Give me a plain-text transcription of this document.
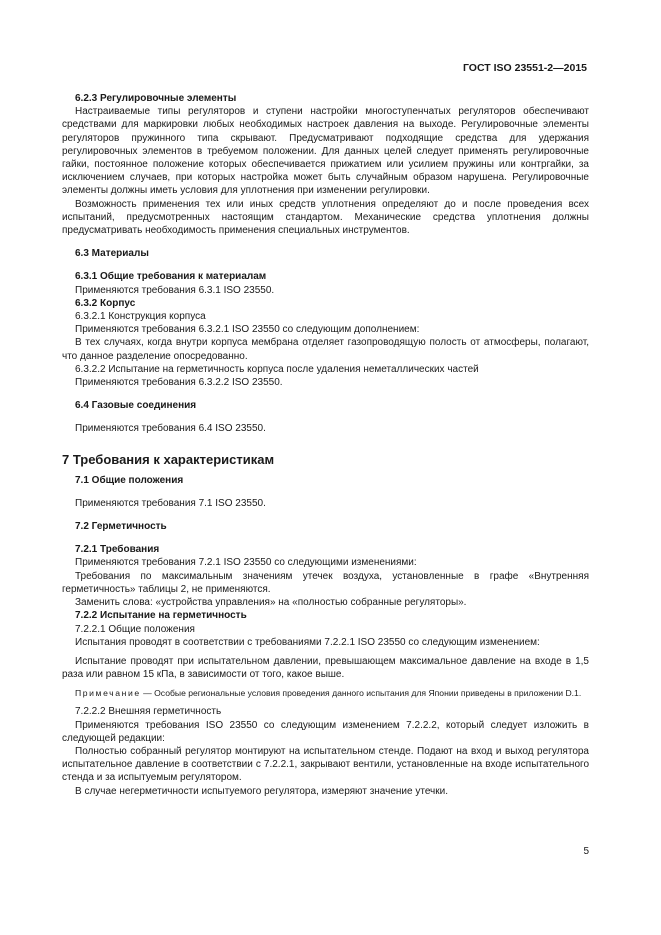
ГОСТ ISO 23551-2—2015

6.2.3 Регулировочные элементы

Настраиваемые типы регуляторов и ступени настройки многоступенчатых регуляторов обеспечивают средствами для маркировки любых необходимых настроек давления на выходе. Регулировочные элементы регуляторов пружинного типа скрывают. Предусматривают подходящие средства для удержания регулировочных элементов в требуемом положении. Для данных целей следует применять регулировочные гайки, постоянное положение которых обеспечивается прижатием или усилием пружины или контргайки, за исключением случаев, при которых настройка может быть случайным образом нарушена. Регулировочные элементы должны иметь условия для уплотнения при изменении регулировки.

Возможность применения тех или иных средств уплотнения определяют до и после проведения всех испытаний, предусмотренных настоящим стандартом. Механические средства уплотнения должны предусматривать необходимость применения специальных инструментов.

6.3 Материалы

6.3.1 Общие требования к материалам

Применяются требования 6.3.1 ISO 23550.

6.3.2 Корпус

6.3.2.1 Конструкция корпуса

Применяются требования 6.3.2.1 ISO 23550 со следующим дополнением:

В тех случаях, когда внутри корпуса мембрана отделяет газопроводящую полость от атмосферы, полагают, что данное разделение опосредованно.

6.3.2.2 Испытание на герметичность корпуса после удаления неметаллических частей

Применяются требования 6.3.2.2 ISO 23550.

6.4 Газовые соединения

Применяются требования 6.4 ISO 23550.

7 Требования к характеристикам

7.1 Общие положения

Применяются требования 7.1 ISO 23550.

7.2 Герметичность

7.2.1 Требования

Применяются требования 7.2.1 ISO 23550 со следующими изменениями:

Требования по максимальным значениям утечек воздуха, установленные в графе «Внутренняя герметичность» таблицы 2, не применяются.

Заменить слова: «устройства управления» на «полностью собранные регуляторы».

7.2.2 Испытание на герметичность

7.2.2.1 Общие положения

Испытания проводят в соответствии с требованиями 7.2.2.1 ISO 23550 со следующим изменением:

Испытание проводят при испытательном давлении, превышающем максимальное давление на входе в 1,5 раза или равном 15 кПа, в зависимости от того, какое выше.

Примечание — Особые региональные условия проведения данного испытания для Японии приведены в приложении D.1.

7.2.2.2 Внешняя герметичность

Применяются требования ISO 23550 со следующим изменением 7.2.2.2, который следует изложить в следующей редакции:

Полностью собранный регулятор монтируют на испытательном стенде. Подают на вход и выход регулятора испытательное давление в соответствии с 7.2.2.1, закрывают вентили, установленные на входе испытательного стенда и за испытуемым регулятором.

В случае негерметичности испытуемого регулятора, измеряют значение утечки.

5
